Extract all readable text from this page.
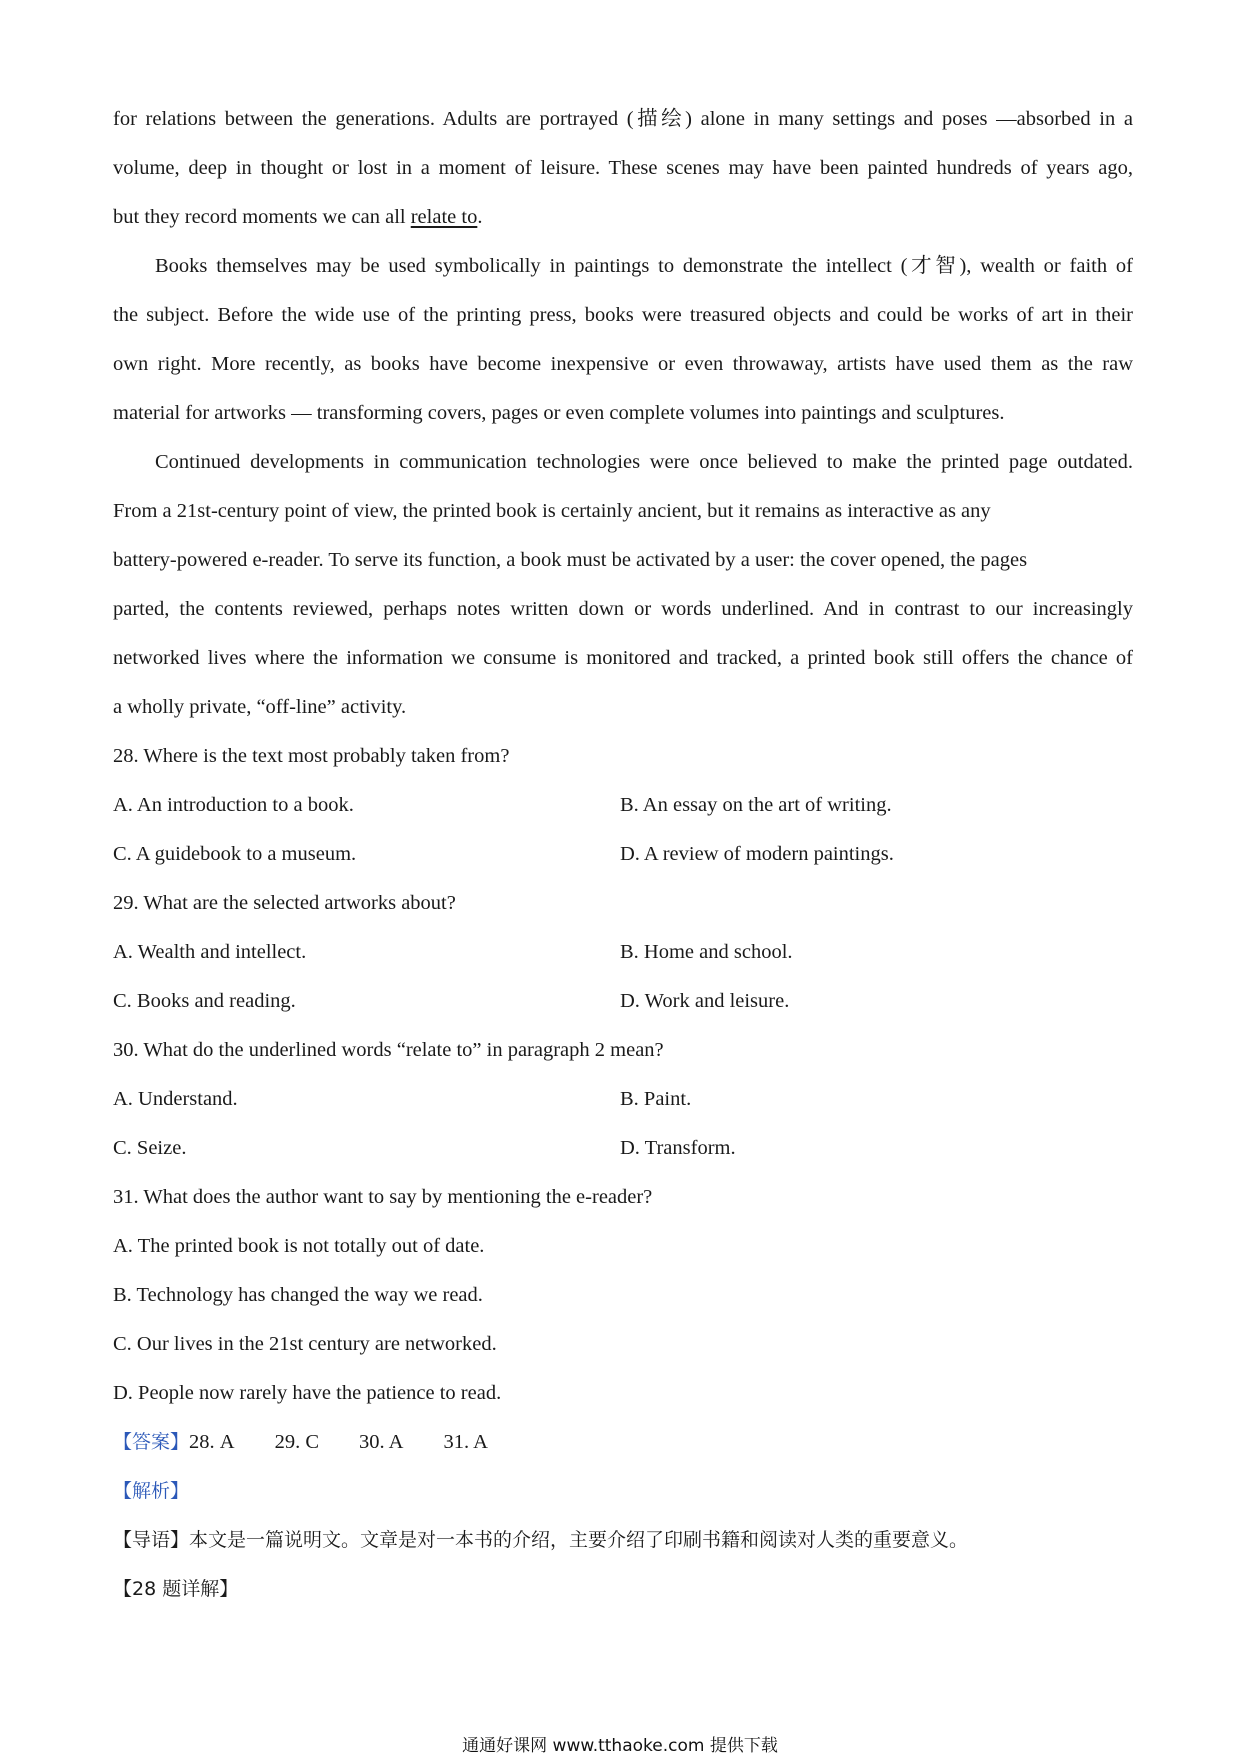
for relations between the generations. Adults are portrayed (描绘) alone in many settings and poses —absorbed in a
volume, deep in thought or lost in a moment of leisure. These scenes may have been painted hundreds of years ago,
but they record moments we can all relate to.
Books themselves may be used symbolically in paintings to demonstrate the intellect (才智), wealth or faith of
the subject. Before the wide use of the printing press, books were treasured objects and could be works of art in their
own right. More recently, as books have become inexpensive or even throwaway, artists have used them as the raw
material for artworks — transforming covers, pages or even complete volumes into paintings and sculptures.
Continued developments in communication technologies were once believed to make the printed page outdated.
From a 21st-century point of view, the printed book is certainly ancient, but it remains as interactive as any
battery-powered e-reader. To serve its function, a book must be activated by a user: the cover opened, the pages
parted, the contents reviewed, perhaps notes written down or words underlined. And in contrast to our increasingly
networked lives where the information we consume is monitored and tracked, a printed book still offers the chance of
a wholly private, “off-line” activity.
28. Where is the text most probably taken from?
A. An introduction to a book.	B. An essay on the art of writing.
C. A guidebook to a museum.	D. A review of modern paintings.
29. What are the selected artworks about?
A. Wealth and intellect.	B. Home and school.
C. Books and reading.	D. Work and leisure.
30. What do the underlined words “relate to” in paragraph 2 mean?
A. Understand.	B. Paint.
C. Seize.	D. Transform.
31. What does the author want to say by mentioning the e-reader?
A. The printed book is not totally out of date.
B. Technology has changed the way we read.
C. Our lives in the 21st century are networked.
D. People now rarely have the patience to read.
【答案】28. A 29. C 30. A 31. A
【解析】
【导语】本文是一篇说明文。文章是对一本书的介绍，主要介绍了印刷书籍和阅读对人类的重要意义。
【28 题详解】
通通好课网 www.tthaoke.com 提供下载
